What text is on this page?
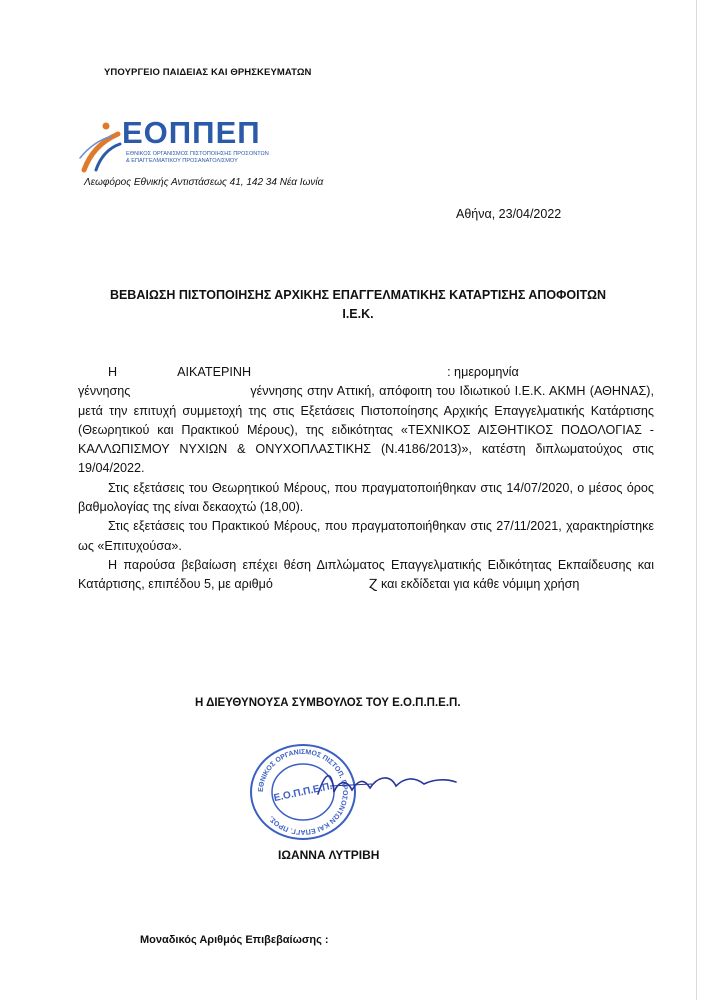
ΥΠΟΥΡΓΕΙΟ ΠΑΙΔΕΙΑΣ ΚΑΙ ΘΡΗΣΚΕΥΜΑΤΩΝ
ΕΟΠΠΕΠ
ΕΘΝΙΚΟΣ ΟΡΓΑΝΙΣΜΟΣ ΠΙΣΤΟΠΟΙΗΣΗΣ ΠΡΟΣΟΝΤΩΝ
& ΕΠΑΓΓΕΛΜΑΤΙΚΟΥ ΠΡΟΣΑΝΑΤΟΛΙΣΜΟΥ
Λεωφόρος Εθνικής Αντιστάσεως 41, 142 34 Νέα Ιωνία
Αθήνα, 23/04/2022
ΒΕΒΑΙΩΣΗ ΠΙΣΤΟΠΟΙΗΣΗΣ ΑΡΧΙΚΗΣ ΕΠΑΓΓΕΛΜΑΤΙΚΗΣ ΚΑΤΑΡΤΙΣΗΣ ΑΠΟΦΟΙΤΩΝ
Ι.Ε.Κ.

Η	ΑΙΚΑΤΕΡΙΝΗ	: ημερομηνία

γέννησης	γέννησης στην Αττική, απόφοιτη του Ιδιωτικού Ι.Ε.Κ. ΑΚΜΗ (ΑΘΗΝΑΣ), μετά την επιτυχή συμμετοχή της στις Εξετάσεις Πιστοποίησης Αρχικής Επαγγελματικής Κατάρτισης (Θεωρητικού και Πρακτικού Μέρους), της ειδικότητας «ΤΕΧΝΙΚΟΣ ΑΙΣΘΗΤΙΚΟΣ ΠΟΔΟΛΟΓΙΑΣ - ΚΑΛΛΩΠΙΣΜΟΥ ΝΥΧΙΩΝ & ΟΝΥΧΟΠΛΑΣΤΙΚΗΣ (Ν.4186/2013)», κατέστη διπλωματούχος στις 19/04/2022.

Στις εξετάσεις του Θεωρητικού Μέρους, που πραγματοποιήθηκαν στις 14/07/2020, ο μέσος όρος βαθμολογίας της είναι δεκαοχτώ (18,00).

Στις εξετάσεις του Πρακτικού Μέρους, που πραγματοποιήθηκαν στις 27/11/2021, χαρακτηρίστηκε ως «Επιτυχούσα».

Η παρούσα βεβαίωση επέχει θέση Διπλώματος Επαγγελματικής Ειδικότητας Εκπαίδευσης και Κατάρτισης, επιπέδου 5, με αριθμό	Ɀ και εκδίδεται για κάθε νόμιμη χρήση

Η ΔΙΕΥΘΥΝΟΥΣΑ ΣΥΜΒΟΥΛΟΣ ΤΟΥ Ε.Ο.Π.Π.Ε.Π.
ΕΘΝΙΚΟΣ ΟΡΓΑΝΙΣΜΟΣ ΠΙΣΤΟΠ. ΠΡΟΣΟΝΤΩΝ ΚΑΙ ΕΠΑΓΓ. ΠΡΟΣ.
Ε.Ο.Π.Π.Ε.Π.
ΙΩΑΝΝΑ ΛΥΤΡΙΒΗ
Μοναδικός Αριθμός Επιβεβαίωσης :
